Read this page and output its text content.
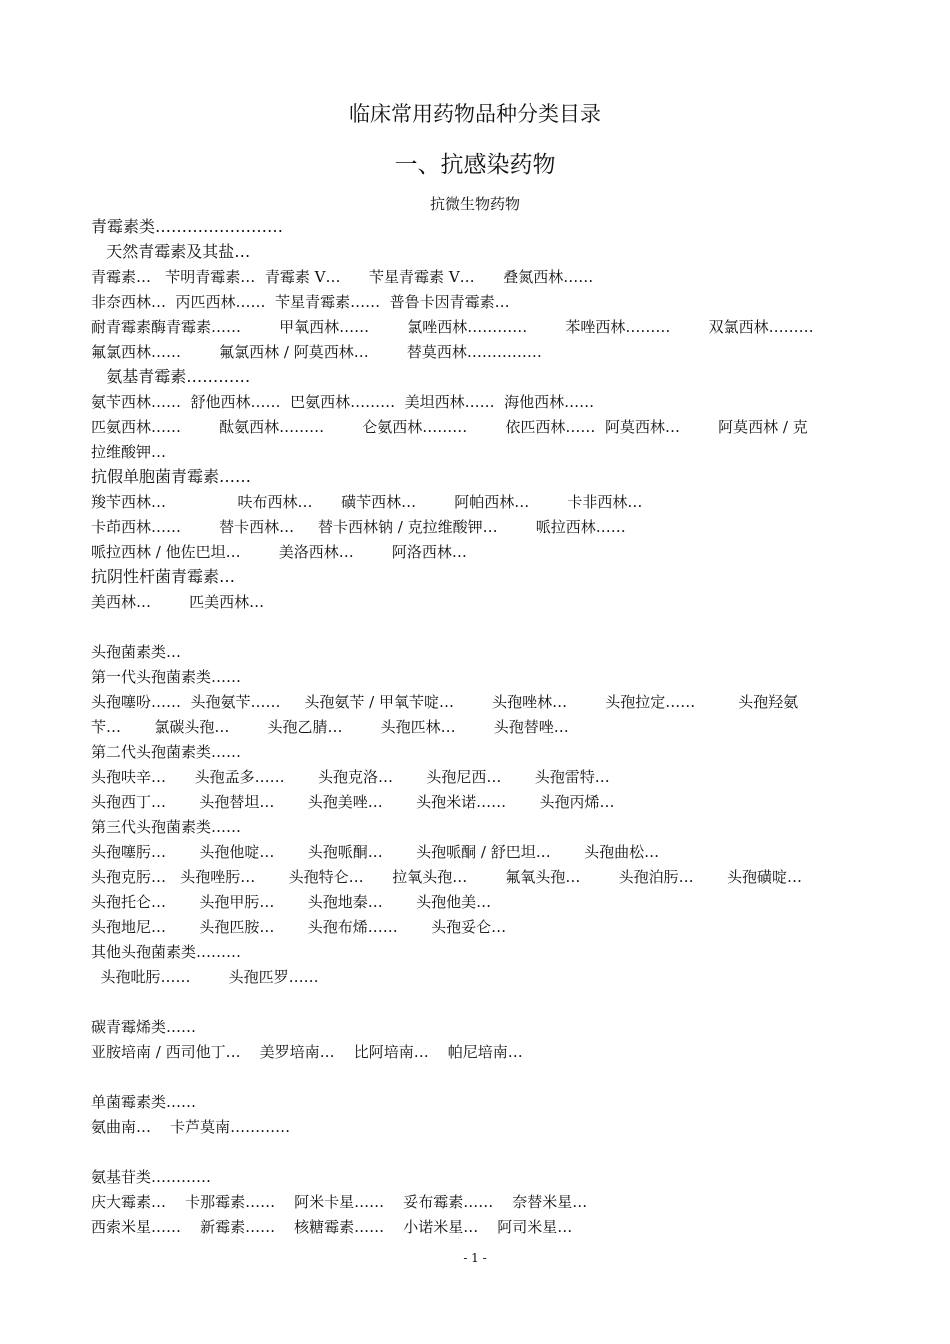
临床常用药物品种分类目录
一、抗感染药物
抗微生物药物
青霉素类……………………
天然青霉素及其盐…
青霉素…   苄明青霉素…  青霉素 V…      苄星青霉素 V…      叠氮西林……
非奈西林…  丙匹西林……  苄星青霉素……  普鲁卡因青霉素…
耐青霉素酶青霉素……        甲氧西林……        氯唑西林…………        苯唑西林………        双氯西林………
氟氯西林……        氟氯西林 / 阿莫西林…        替莫西林……………
氨基青霉素…………
氨苄西林……  舒他西林……  巴氨西林………  美坦西林……  海他西林……
匹氨西林……        酞氨西林………        仑氨西林………        依匹西林……  阿莫西林…        阿莫西林 / 克
拉维酸钾…
抗假单胞菌青霉素……
羧苄西林…               呋布西林…      磺苄西林…        阿帕西林…        卡非西林…
卡茚西林……        替卡西林…     替卡西林钠 / 克拉维酸钾…        哌拉西林……
哌拉西林 / 他佐巴坦…        美洛西林…        阿洛西林…
抗阴性杆菌青霉素…
美西林…        匹美西林…
头孢菌素类…
第一代头孢菌素类……
头孢噻吩……  头孢氨苄……     头孢氨苄 / 甲氧苄啶…        头孢唑林…        头孢拉定……         头孢羟氨
苄…       氯碳头孢…        头孢乙腈…        头孢匹林…        头孢替唑…
第二代头孢菌素类……
头孢呋辛…      头孢孟多……       头孢克洛…       头孢尼西…       头孢雷特…
头孢西丁…       头孢替坦…       头孢美唑…       头孢米诺……       头孢丙烯…
第三代头孢菌素类……
头孢噻肟…       头孢他啶…       头孢哌酮…       头孢哌酮 / 舒巴坦…       头孢曲松…
头孢克肟…   头孢唑肟…       头孢特仑…      拉氧头孢…        氟氧头孢…        头孢泊肟…       头孢磺啶…
头孢托仑…       头孢甲肟…       头孢地秦…       头孢他美…
头孢地尼…       头孢匹胺…       头孢布烯……       头孢妥仑…
其他头孢菌素类………
头孢吡肟……        头孢匹罗……
碳青霉烯类……
亚胺培南 / 西司他丁…    美罗培南…    比阿培南…    帕尼培南…
单菌霉素类……
氨曲南…    卡芦莫南…………
氨基苷类…………
庆大霉素…    卡那霉素……    阿米卡星……    妥布霉素……    奈替米星…
西索米星……    新霉素……    核糖霉素……    小诺米星…    阿司米星…
- 1 -
